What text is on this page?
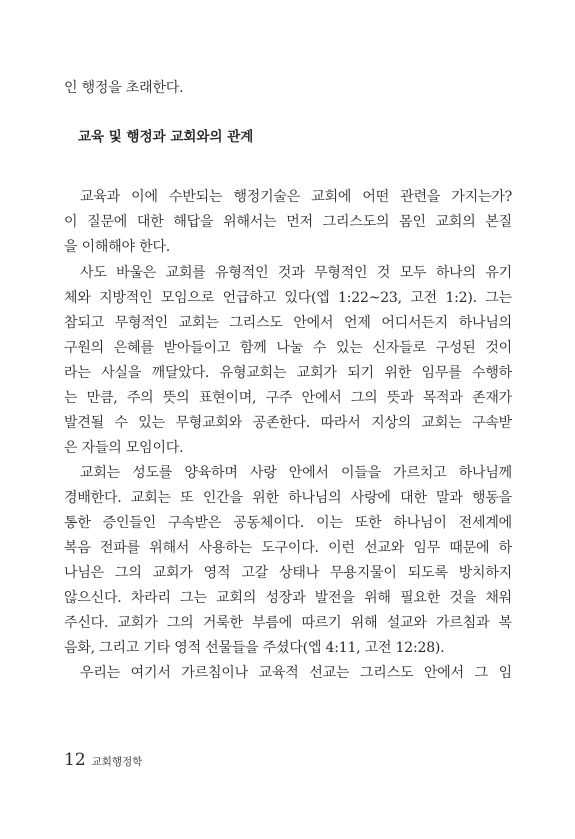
인 행정을 초래한다.
교육 및 행정과 교회와의 관계
교육과 이에 수반되는 행정기술은 교회에 어떤 관련을 가지는가?
이 질문에 대한 해답을 위해서는 먼저 그리스도의 몸인 교회의 본질
을 이해해야 한다.
사도 바울은 교회를 유형적인 것과 무형적인 것 모두 하나의 유기
체와 지방적인 모임으로 언급하고 있다(엡 1:22~23, 고전 1:2). 그는
참되고 무형적인 교회는 그리스도 안에서 언제 어디서든지 하나님의
구원의 은혜를 받아들이고 함께 나눌 수 있는 신자들로 구성된 것이
라는 사실을 깨달았다. 유형교회는 교회가 되기 위한 임무를 수행하
는 만큼, 주의 뜻의 표현이며, 구주 안에서 그의 뜻과 목적과 존재가
발견될 수 있는 무형교회와 공존한다. 따라서 지상의 교회는 구속받
은 자들의 모임이다.
교회는 성도를 양육하며 사랑 안에서 이들을 가르치고 하나님께
경배한다. 교회는 또 인간을 위한 하나님의 사랑에 대한 말과 행동을
통한 증인들인 구속받은 공동체이다. 이는 또한 하나님이 전세계에
복음 전파를 위해서 사용하는 도구이다. 이런 선교와 임무 때문에 하
나님은 그의 교회가 영적 고갈 상태나 무용지물이 되도록 방치하지
않으신다. 차라리 그는 교회의 성장과 발전을 위해 필요한 것을 채워
주신다. 교회가 그의 거룩한 부름에 따르기 위해 설교와 가르침과 복
음화, 그리고 기타 영적 선물들을 주셨다(엡 4:11, 고전 12:28).
우리는 여기서 가르침이나 교육적 선교는 그리스도 안에서 그 임
12 교회행정학
